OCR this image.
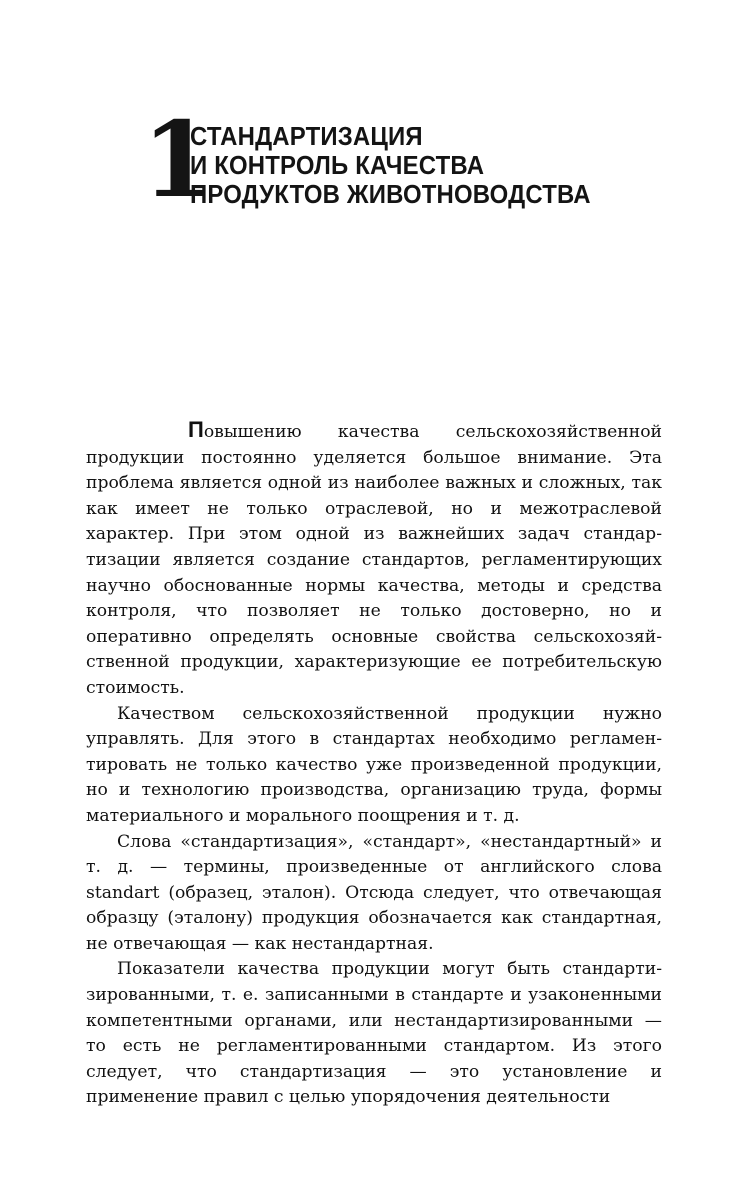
1
СТАНДАРТИЗАЦИЯ
И КОНТРОЛЬ КАЧЕСТВА
ПРОДУКТОВ ЖИВОТНОВОДСТВА

Повышению качества сельскохозяйственной продукции постоянно уделяется большое внимание. Эта проблема является одной из наиболее важных и сложных, так как имеет не только отраслевой, но и межотраслевой характер. При этом одной из важнейших задач стандартизации является создание стандартов, регламентирующих научно обоснованные нормы качества, методы и средства контроля, что позволяет не только достоверно, но и оперативно определять основные свойства сельскохозяйственной продукции, характеризующие ее потребительскую стоимость.

Качеством сельскохозяйственной продукции нужно управлять. Для этого в стандартах необходимо регламентировать не только качество уже произведенной продукции, но и технологию производства, организацию труда, формы материального и морального поощрения и т. д.

Слова «стандартизация», «стандарт», «нестандартный» и т. д. — термины, произведенные от английского слова standart (образец, эталон). Отсюда следует, что отвечающая образцу (эталону) продукция обозначается как стандартная, не отвечающая — как нестандартная.

Показатели качества продукции могут быть стандартизированными, т. е. записанными в стандарте и узаконенными компетентными органами, или нестандартизированными — то есть не регламентированными стандартом. Из этого следует, что стандартизация — это установление и применение правил с целью упорядочения деятельности
